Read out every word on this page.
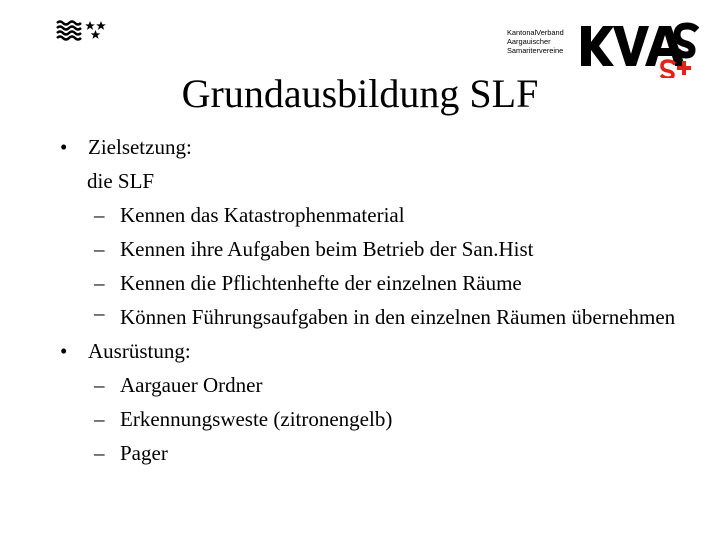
KantonalVerband
Aargauischer
Samaritervereine
Grundausbildung SLF
• Zielsetzung:
die SLF
– Kennen das Katastrophenmaterial
– Kennen ihre Aufgaben beim Betrieb der San.Hist
– Kennen die Pflichtenhefte der einzelnen Räume
– Können Führungsaufgaben in den einzelnen Räumen übernehmen
• Ausrüstung:
– Aargauer Ordner
– Erkennungsweste (zitronengelb)
– Pager
